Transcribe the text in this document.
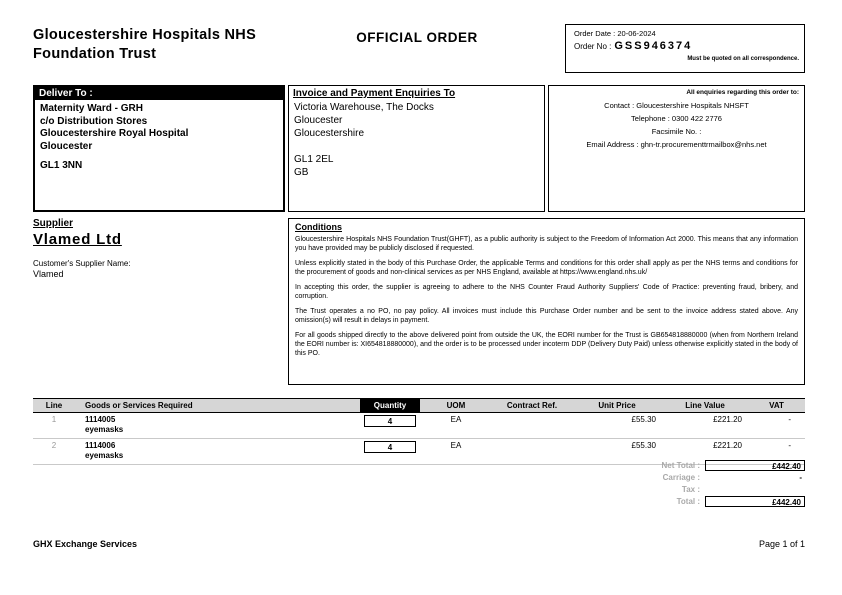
Gloucestershire Hospitals NHS
Foundation Trust
OFFICIAL ORDER	Order Date : 20-06-2024
Order No : GSS946374
Must be quoted on all correspondence.
Deliver To :
Maternity Ward - GRH
c/o Distribution Stores
Gloucestershire Royal Hospital
Gloucester
GL1 3NN
Invoice and Payment Enquiries To
Victoria Warehouse, The Docks
Gloucester
Gloucestershire
GL1 2EL
GB
All enquiries regarding this order to:
Contact : Gloucestershire Hospitals NHSFT
Telephone : 0300 422 2776
Facsimile No. :
Email Address : ghn-tr.procurementtrmailbox@nhs.net
Supplier
Vlamed Ltd
Customer's Supplier Name:
Vlamed
Conditions
Gloucestershire Hospitals NHS Foundation Trust(GHFT), as a public authority is subject to the Freedom of Information Act 2000. This means that any information you have provided may be publicly disclosed if requested.
Unless explicitly stated in the body of this Purchase Order, the applicable Terms and conditions for this order shall apply as per the NHS terms and conditions for the procurement of goods and non-clinical services as per NHS England, available at https://www.england.nhs.uk/
In accepting this order, the supplier is agreeing to adhere to the NHS Counter Fraud Authority Suppliers' Code of Practice: preventing fraud, bribery, and corruption.
The Trust operates a no PO, no pay policy. All invoices must include this Purchase Order number and be sent to the invoice address stated above. Any omission(s) will result in delays in payment.
For all goods shipped directly to the above delivered point from outside the UK, the EORI number for the Trust is GB654818880000 (when from Northern Ireland the EORI number is: XI654818880000), and the order is to be processed under incoterm DDP (Delivery Duty Paid) unless otherwise explicitly stated in the body of this PO.
Line	Goods or Services Required	Quantity	UOM	Contract Ref.	Unit Price	Line Value	VAT
1	1114005
eyemasks	4	EA		£55.30	£221.20	-
2	1114006
eyemasks	4	EA		£55.30	£221.20	-
Net Total :	£442.40
Carriage :	-
Tax :
Total :	£442.40
GHX Exchange Services	Page 1 of 1
